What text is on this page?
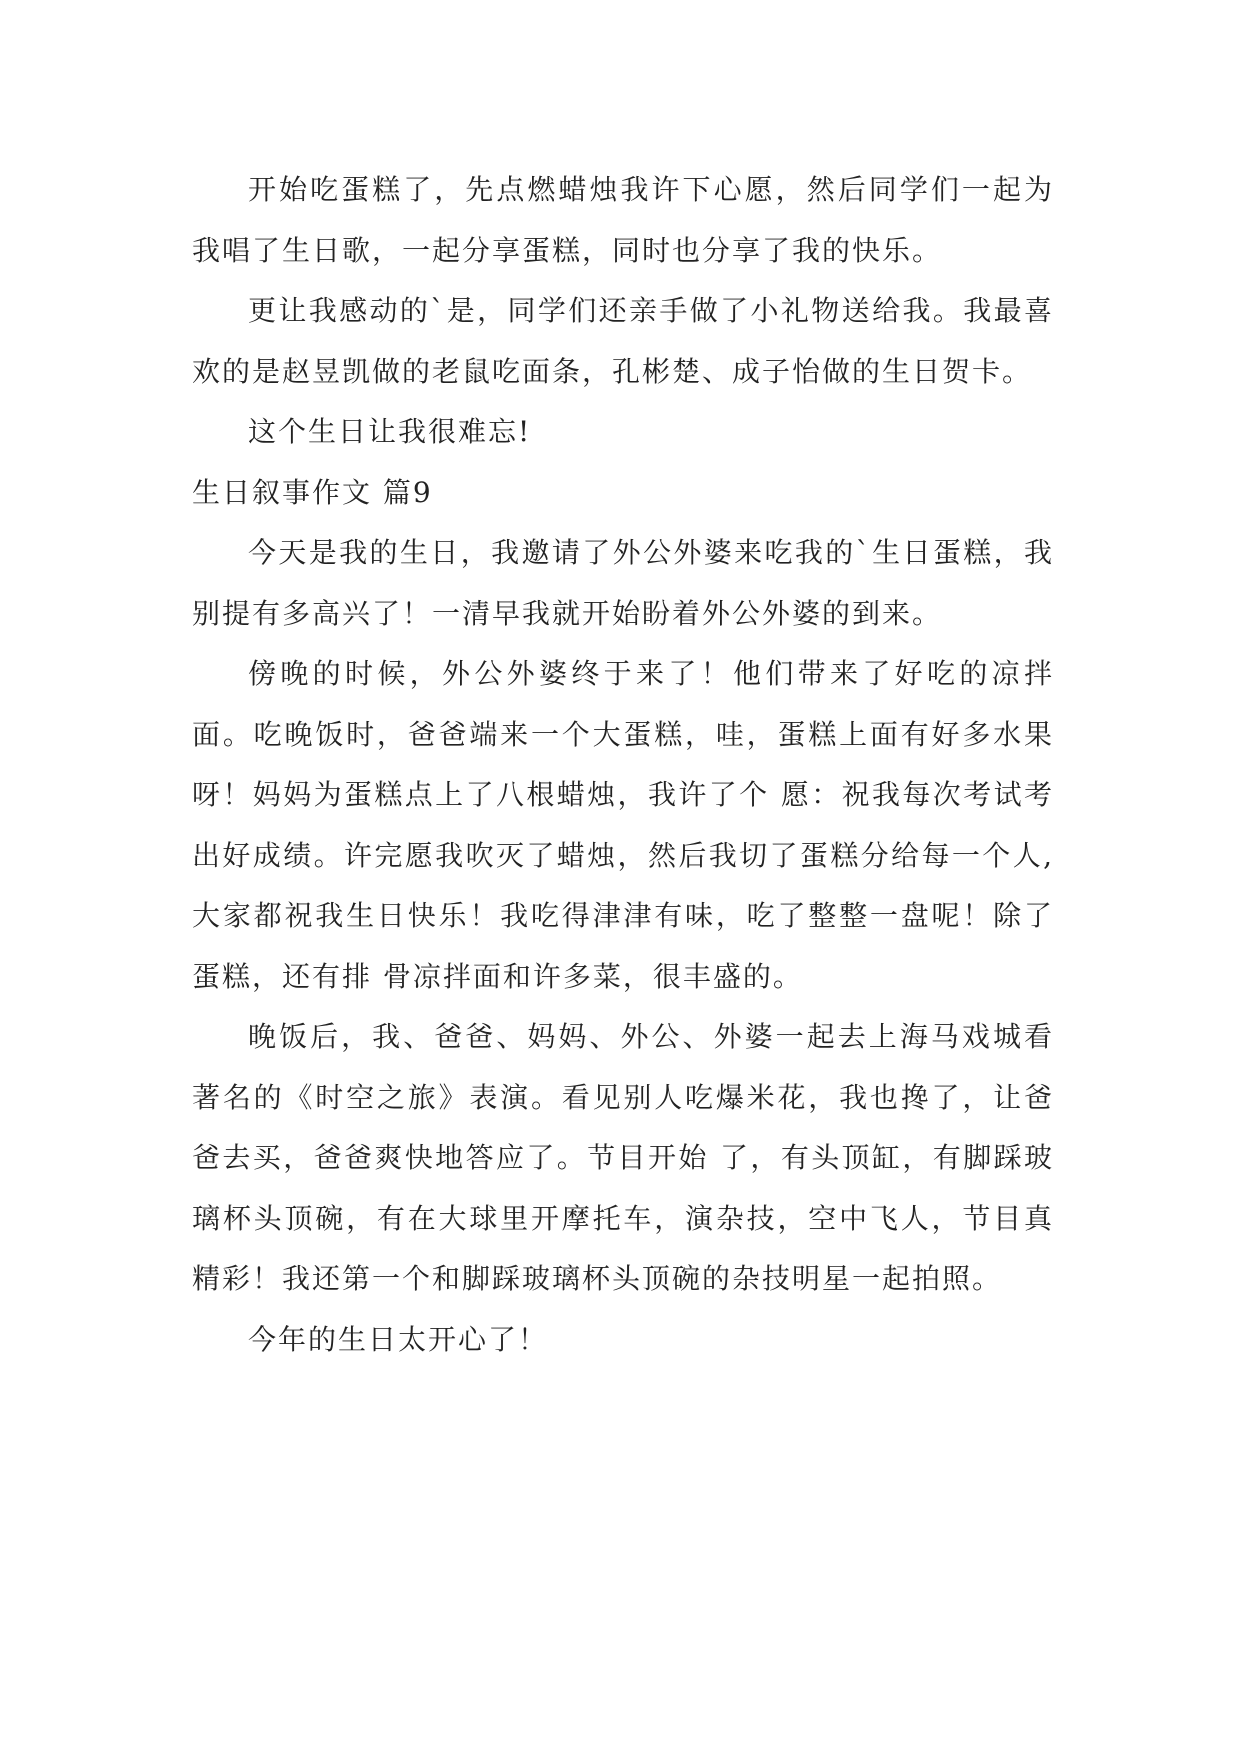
开始吃蛋糕了，先点燃蜡烛我许下心愿，然后同学们一起为我唱了生日歌，一起分享蛋糕，同时也分享了我的快乐。

更让我感动的`是，同学们还亲手做了小礼物送给我。我最喜欢的是赵昱凯做的老鼠吃面条，孔彬楚、成子怡做的生日贺卡。

这个生日让我很难忘!

生日叙事作文 篇9

今天是我的生日，我邀请了外公外婆来吃我的`生日蛋糕，我别提有多高兴了！一清早我就开始盼着外公外婆的到来。

傍晚的时候，外公外婆终于来了！他们带来了好吃的凉拌面。吃晚饭时，爸爸端来一个大蛋糕，哇，蛋糕上面有好多水果呀！妈妈为蛋糕点上了八根蜡烛，我许了个 愿：祝我每次考试考出好成绩。许完愿我吹灭了蜡烛，然后我切了蛋糕分给每一个人,大家都祝我生日快乐！我吃得津津有味，吃了整整一盘呢！除了蛋糕，还有排 骨凉拌面和许多菜，很丰盛的。

晚饭后，我、爸爸、妈妈、外公、外婆一起去上海马戏城看著名的《时空之旅》表演。看见别人吃爆米花，我也搀了，让爸爸去买，爸爸爽快地答应了。节目开始 了，有头顶缸，有脚踩玻璃杯头顶碗，有在大球里开摩托车，演杂技，空中飞人，节目真精彩！我还第一个和脚踩玻璃杯头顶碗的杂技明星一起拍照。

今年的生日太开心了！
